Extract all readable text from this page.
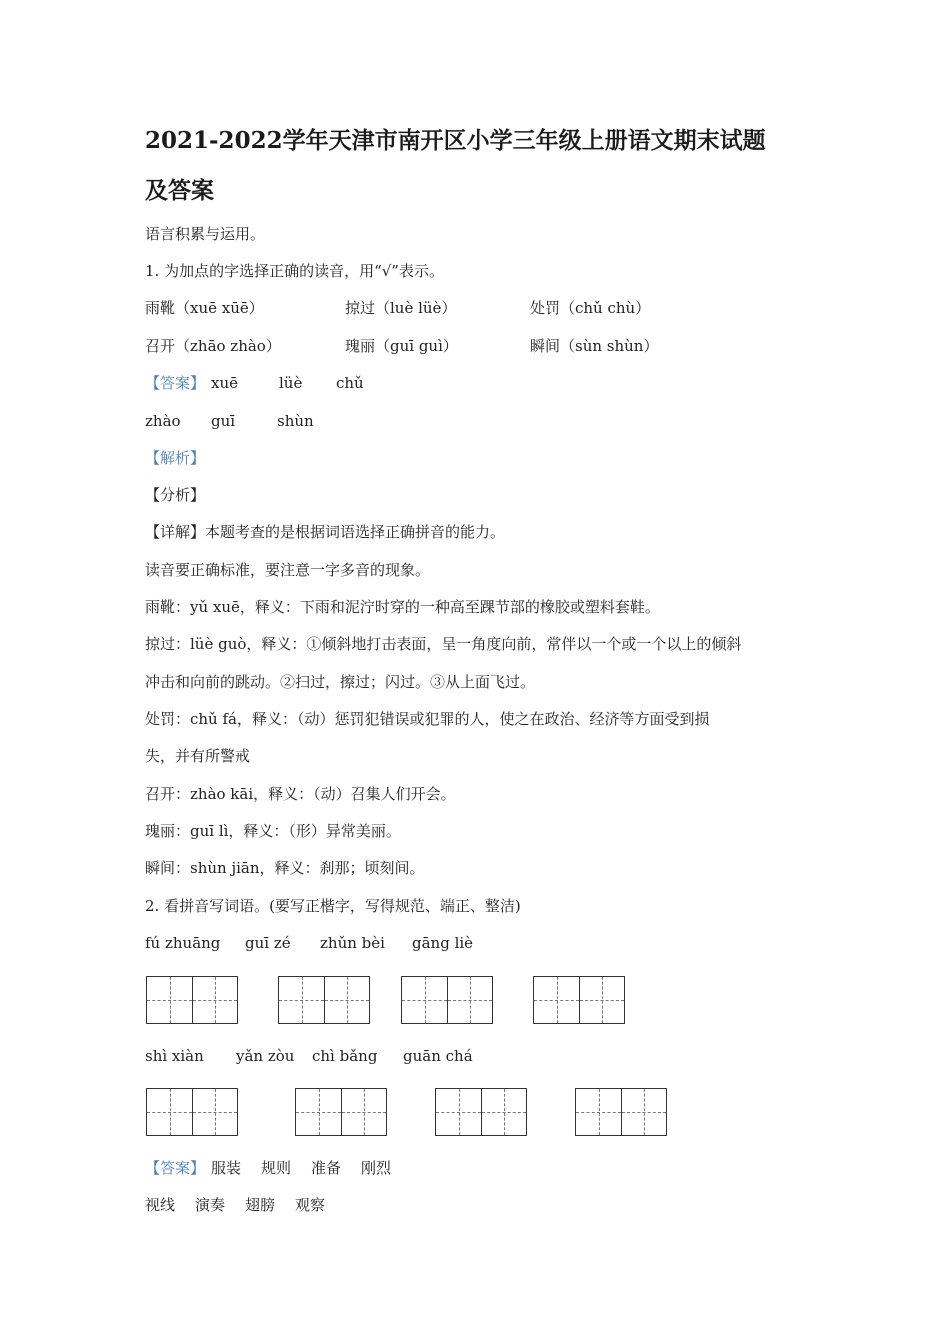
2021-2022学年天津市南开区小学三年级上册语文期末试题
及答案
语言积累与运用。
1. 为加点的字选择正确的读音，用“√”表示。
雨靴（xuē xūē）	掠过（luè lüè）	处罚（chǔ chù）
召开（zhāo zhào）	瑰丽（guī guì）	瞬间（sùn shùn）
【答案】 xuē	lüè chǔ
zhào guī	shùn
【解析】
【分析】
【详解】本题考查的是根据词语选择正确拼音的能力。
读音要正确标准，要注意一字多音的现象。
雨靴：yǔ xuē，释义：下雨和泥泞时穿的一种高至踝节部的橡胶或塑料套鞋。
掠过：lüè guò，释义：①倾斜地打击表面，呈一角度向前，常伴以一个或一个以上的倾斜
冲击和向前的跳动。②扫过，擦过；闪过。③从上面飞过。
处罚：chǔ fá，释义：（动）惩罚犯错误或犯罪的人，使之在政治、经济等方面受到损
失，并有所警戒
召开：zhào kāi，释义：（动）召集人们开会。
瑰丽：guī lì，释义：（形）异常美丽。
瞬间：shùn jiān，释义：刹那；顷刻间。
2. 看拼音写词语。(要写正楷字，写得规范、端正、整洁)
fú zhuāng guī zé zhǔn bèi gāng liè
shì xiàn yǎn zòu chì bǎng guān chá
【答案】 服装 规则 准备 刚烈
视线 演奏 翅膀 观察
